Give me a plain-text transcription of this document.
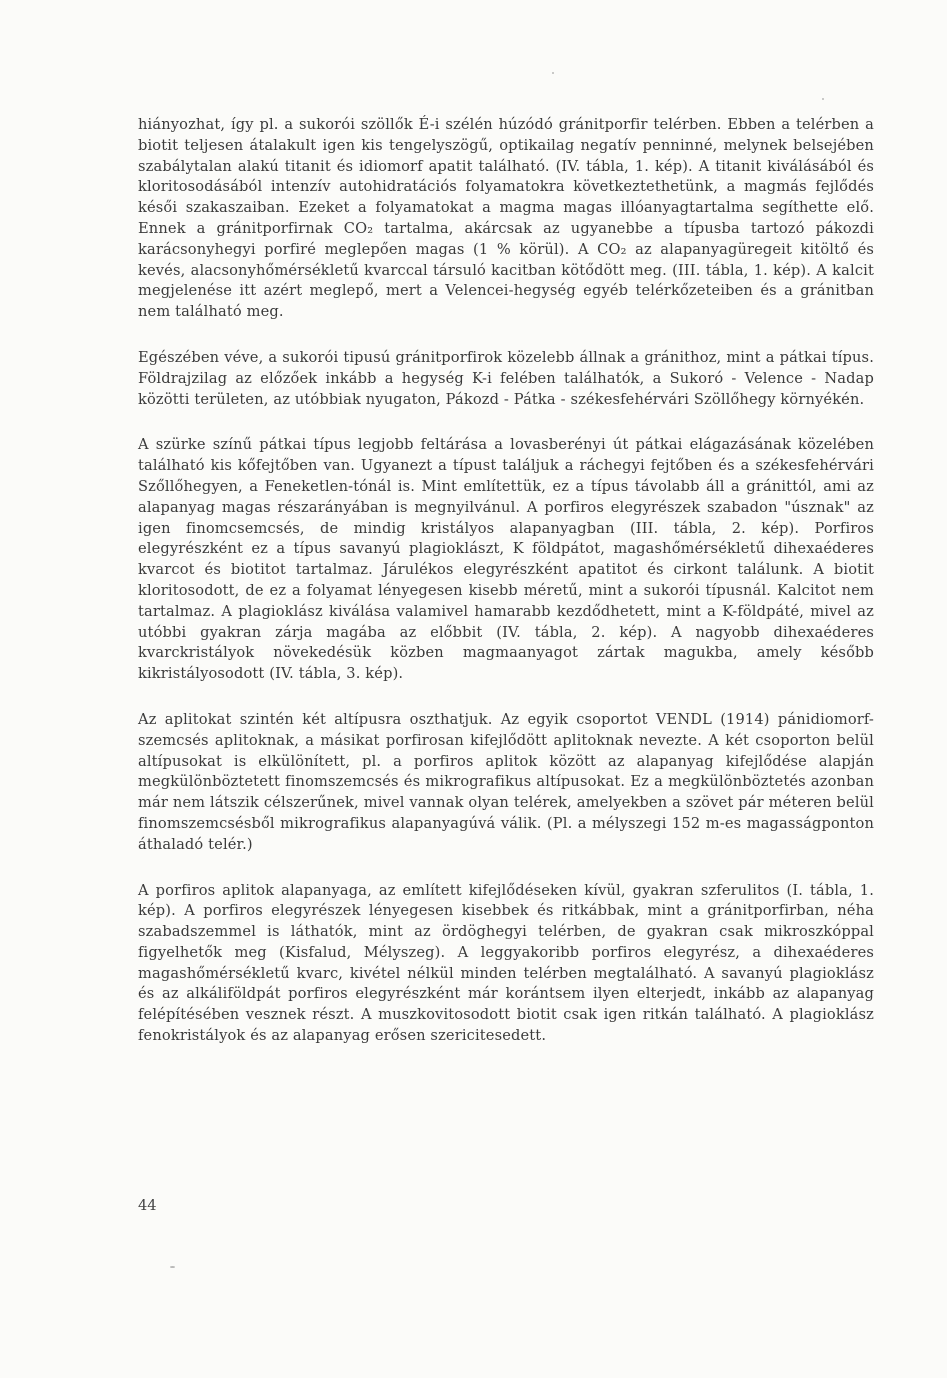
hiányozhat, így pl. a sukorói szöllők É-i szélén húzódó gránitporfir telérben. Ebben a telérben a biotit teljesen átalakult igen kis tengelyszögű, optikailag negatív penninné, melynek belsejében szabálytalan alakú titanit és idiomorf apatit található. (IV. tábla, 1. kép). A titanit kiválásából és kloritosodásából intenzív autohidratációs folyamatokra következtethetünk, a magmás fejlődés késői szakaszaiban. Ezeket a folyamatokat a magma magas illóanyagtartalma segíthette elő. Ennek a gránitporfirnak CO₂ tartalma, akárcsak az ugyanebbe a típusba tartozó pákozdi karácsonyhegyi porfiré meglepően magas (1 % körül). A CO₂ az alapanyagüregeit kitöltő és kevés, alacsonyhőmérsékletű kvarccal társuló kacitban kötődött meg. (III. tábla, 1. kép). A kalcit megjelenése itt azért meglepő, mert a Velencei-hegység egyéb telérkőzeteiben és a gránitban nem található meg.

Egészében véve, a sukorói tipusú gránitporfirok közelebb állnak a gránithoz, mint a pátkai típus. Földrajzilag az előzőek inkább a hegység K-i felében találhatók, a Sukoró - Velence - Nadap közötti területen, az utóbbiak nyugaton, Pákozd - Pátka - székesfehérvári Szöllőhegy környékén.

A szürke színű pátkai típus legjobb feltárása a lovasberényi út pátkai elágazásának közelében található kis kőfejtőben van. Ugyanezt a típust találjuk a ráchegyi fejtőben és a székesfehérvári Szőllőhegyen, a Feneketlen-tónál is. Mint említettük, ez a típus távolabb áll a gránittól, ami az alapanyag magas részarányában is megnyilvánul. A porfiros elegyrészek szabadon "úsznak" az igen finomcsemcsés, de mindig kristályos alapanyagban (III. tábla, 2. kép). Porfiros elegyrészként ez a típus savanyú plagioklászt, K földpátot, magashőmérsékletű dihexaéderes kvarcot és biotitot tartalmaz. Járulékos elegyrészként apatitot és cirkont találunk. A biotit kloritosodott, de ez a folyamat lényegesen kisebb méretű, mint a sukorói típusnál. Kalcitot nem tartalmaz. A plagioklász kiválása valamivel hamarabb kezdődhetett, mint a K-földpáté, mivel az utóbbi gyakran zárja magába az előbbit (IV. tábla, 2. kép). A nagyobb dihexaéderes kvarckristályok növekedésük közben magmaanyagot zártak magukba, amely később kikristályosodott (IV. tábla, 3. kép).

Az aplitokat szintén két altípusra oszthatjuk. Az egyik csoportot VENDL (1914) pánidiomorf-szemcsés aplitoknak, a másikat porfirosan kifejlődött aplitoknak nevezte. A két csoporton belül altípusokat is elkülönített, pl. a porfiros aplitok között az alapanyag kifejlődése alapján megkülönböztetett finomszemcsés és mikrografikus altípusokat. Ez a megkülönböztetés azonban már nem látszik célszerűnek, mivel vannak olyan telérek, amelyekben a szövet pár méteren belül finomszemcsésből mikrografikus alapanyagúvá válik. (Pl. a mélyszegi 152 m-es magasságponton áthaladó telér.)

A porfiros aplitok alapanyaga, az említett kifejlődéseken kívül, gyakran szferulitos (I. tábla, 1. kép). A porfiros elegyrészek lényegesen kisebbek és ritkábbak, mint a gránitporfirban, néha szabadszemmel is láthatók, mint az ördöghegyi telérben, de gyakran csak mikroszkóppal figyelhetők meg (Kisfalud, Mélyszeg). A leggyakoribb porfiros elegyrész, a dihexaéderes magashőmérsékletű kvarc, kivétel nélkül minden telérben megtalálható. A savanyú plagioklász és az alkáliföldpát porfiros elegyrészként már korántsem ilyen elterjedt, inkább az alapanyag felépítésében vesznek részt. A muszkovitosodott biotit csak igen ritkán található. A plagioklász fenokristályok és az alapanyag erősen szericitesedett.

44
